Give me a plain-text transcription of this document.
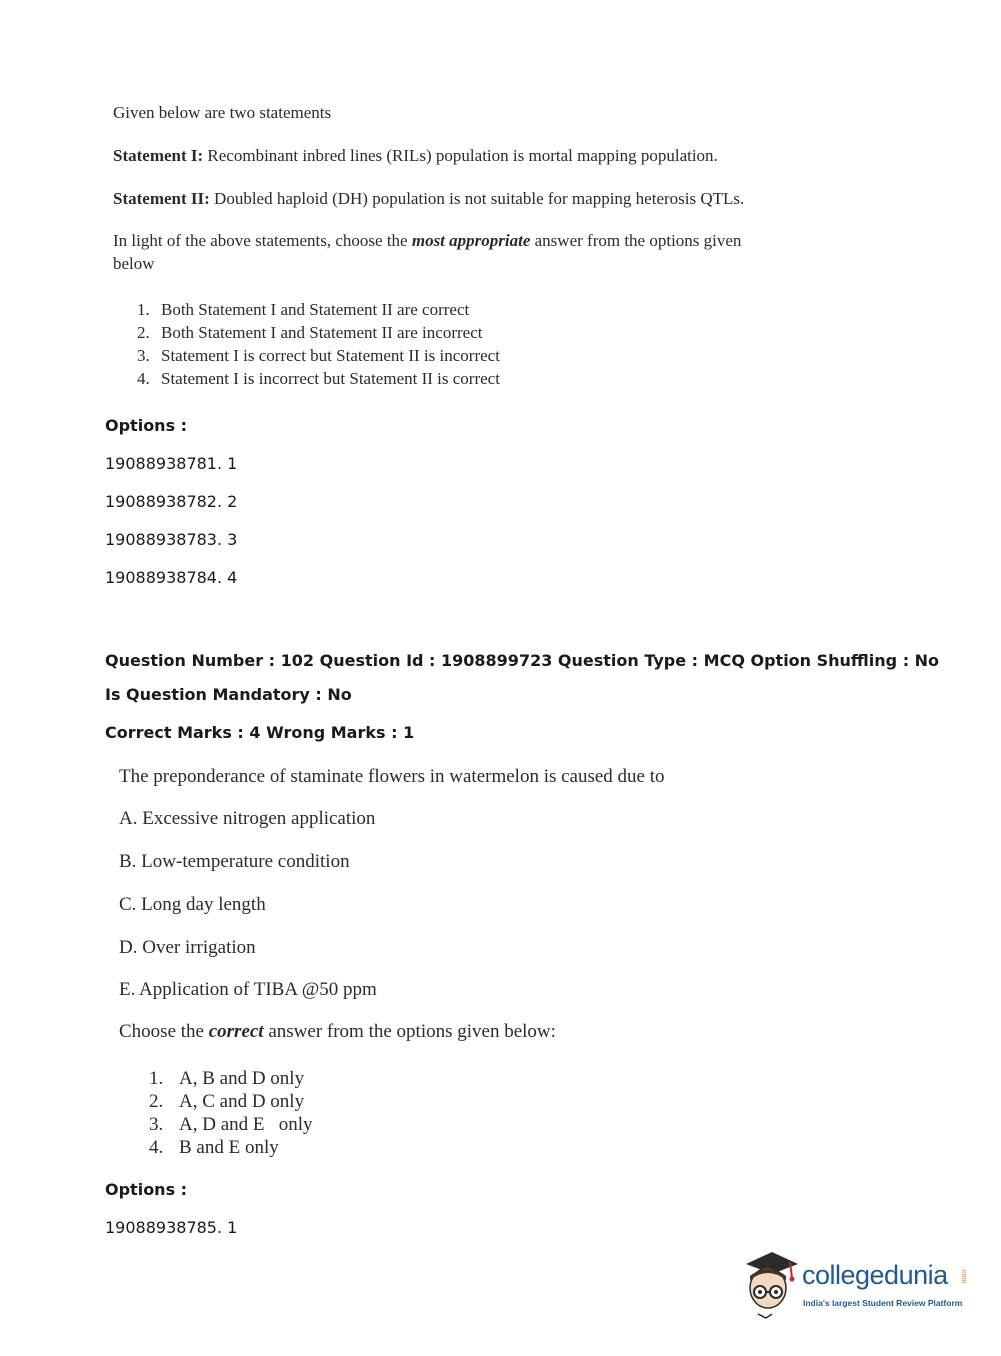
Given below are two statements
Statement I: Recombinant inbred lines (RILs) population is mortal mapping population.
Statement II: Doubled haploid (DH) population is not suitable for mapping heterosis QTLs.
In light of the above statements, choose the most appropriate answer from the options given
below
1. Both Statement I and Statement II are correct
2. Both Statement I and Statement II are incorrect
3. Statement I is correct but Statement II is incorrect
4. Statement I is incorrect but Statement II is correct
Options :
19088938781. 1
19088938782. 2
19088938783. 3
19088938784. 4
Question Number : 102 Question Id : 1908899723 Question Type : MCQ Option Shuffling : No
Is Question Mandatory : No
Correct Marks : 4 Wrong Marks : 1
The preponderance of staminate flowers in watermelon is caused due to
A. Excessive nitrogen application
B. Low-temperature condition
C. Long day length
D. Over irrigation
E. Application of TIBA @50 ppm
Choose the correct answer from the options given below:
1. A, B and D only
2. A, C and D only
3. A, D and E   only
4. B and E only
Options :
19088938785. 1
collegedunia .com
India's largest Student Review Platform
